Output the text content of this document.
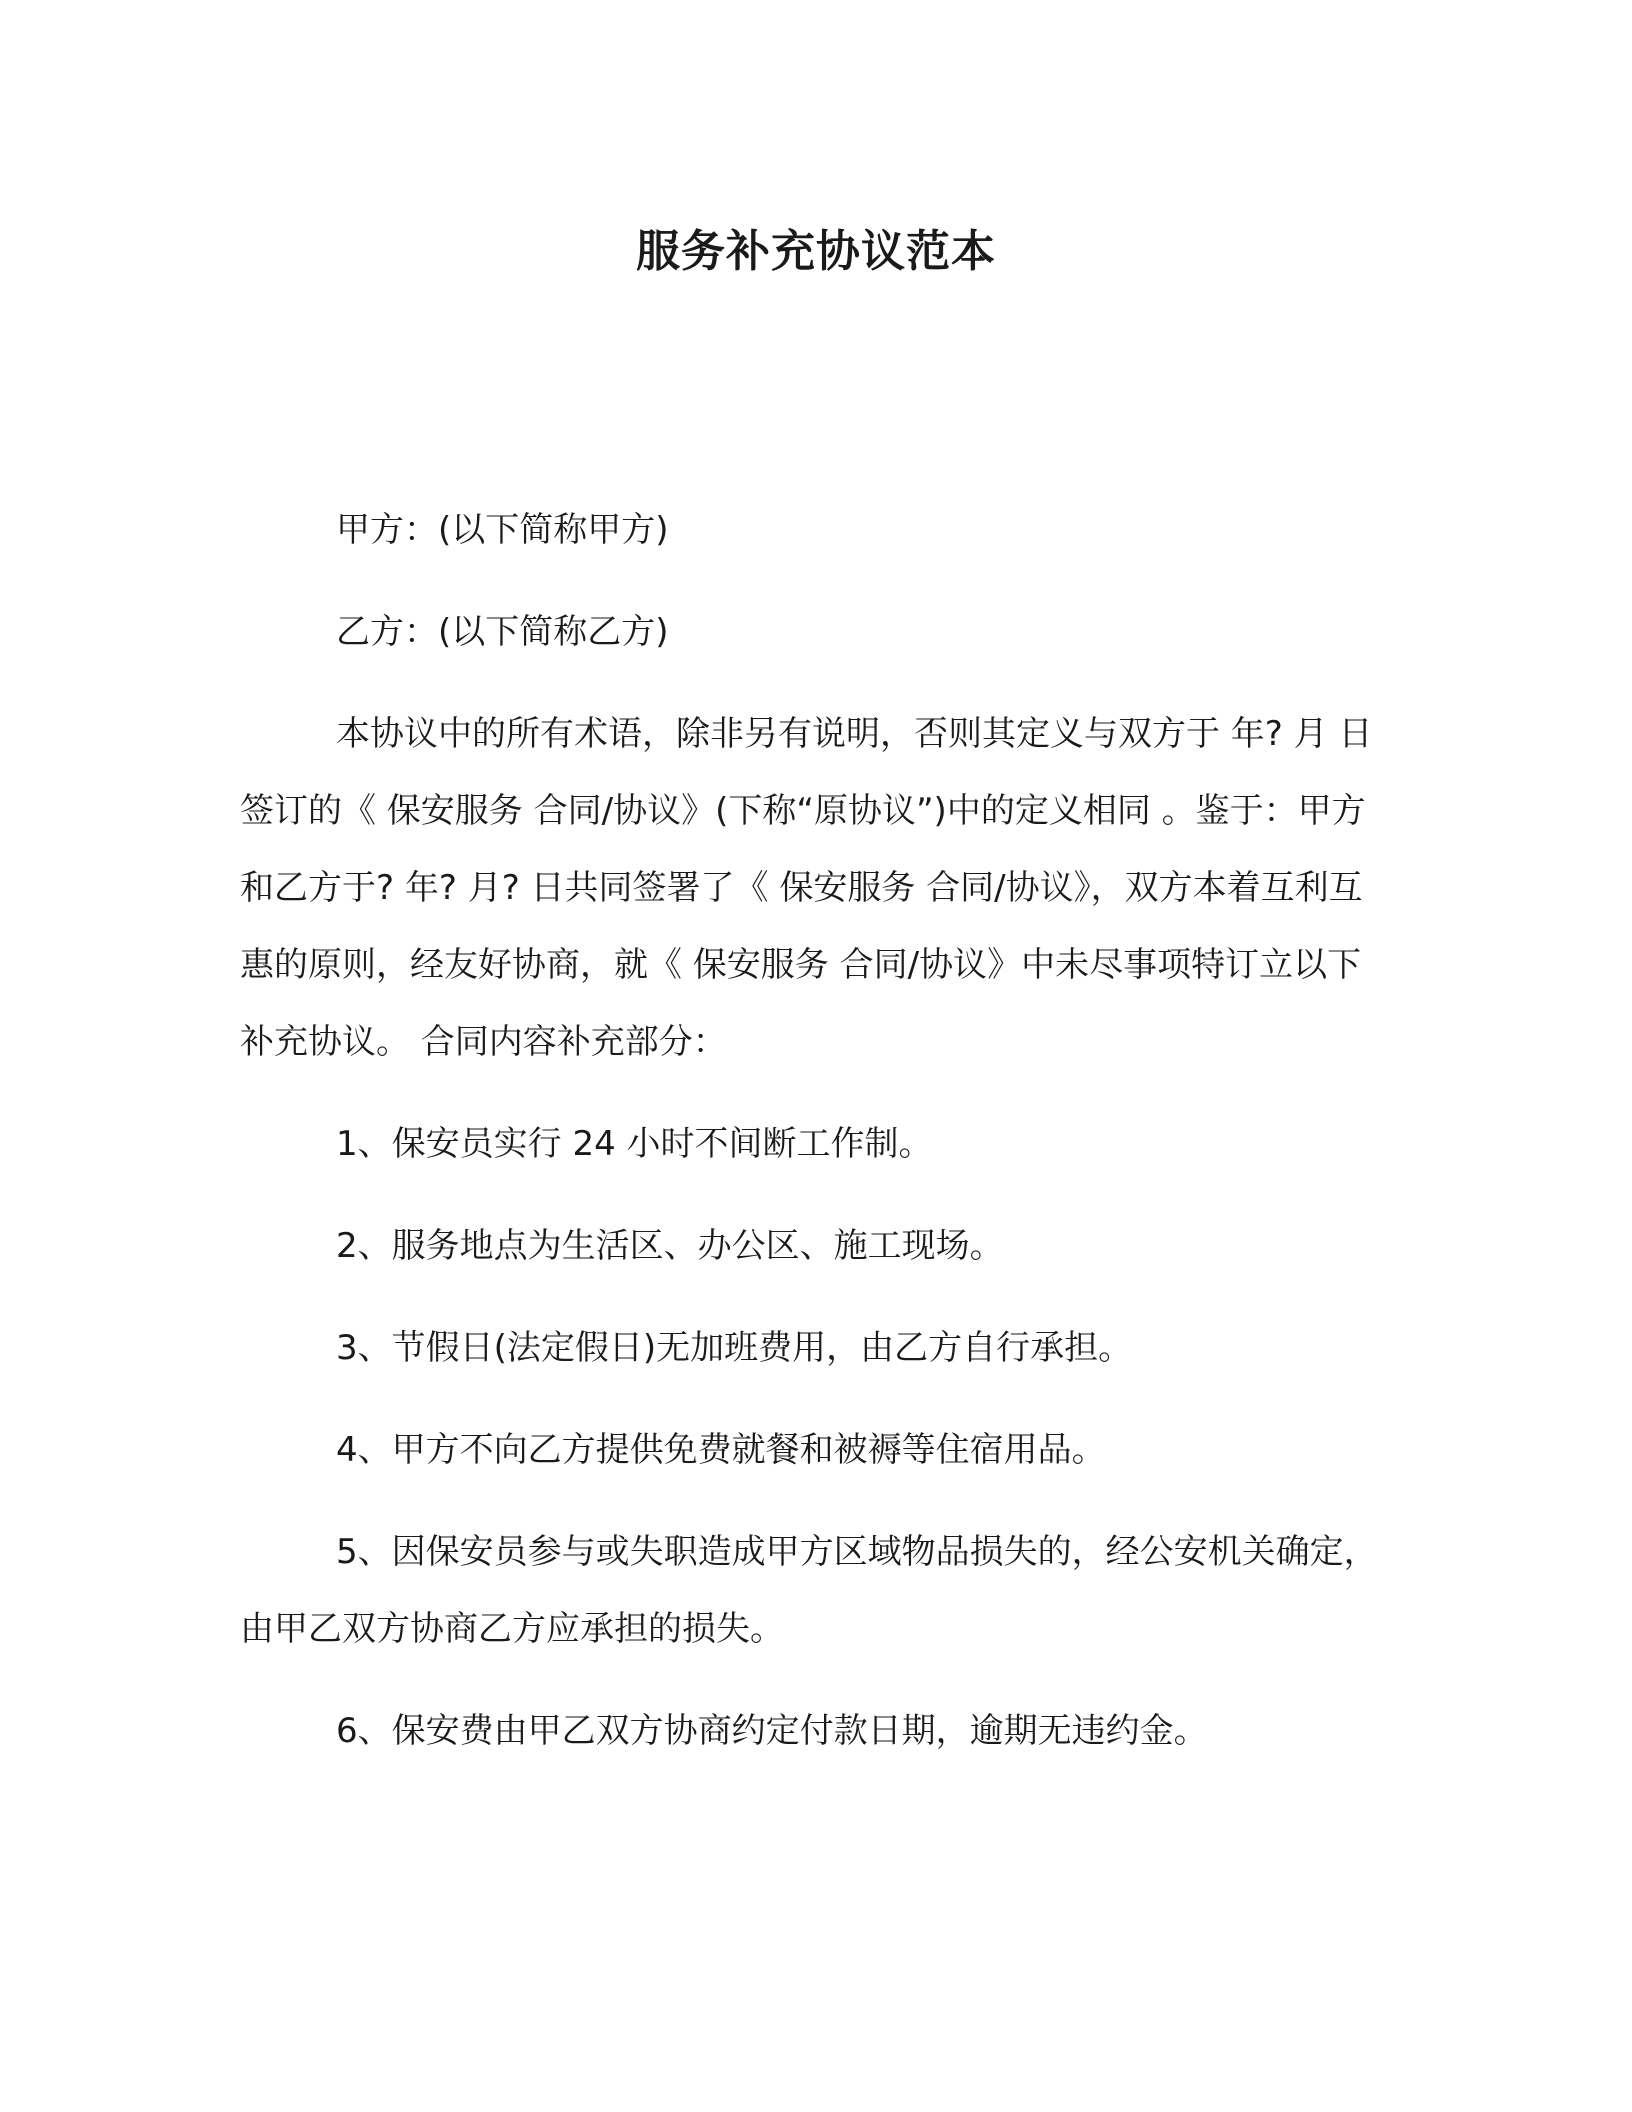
服务补充协议范本

甲方：(以下简称甲方)

乙方：(以下简称乙方)

本协议中的所有术语，除非另有说明，否则其定义与双方于 年? 月 日签订的《 保安服务 合同/协议》(下称“原协议”)中的定义相同 。鉴于：甲方和乙方于? 年? 月? 日共同签署了《 保安服务 合同/协议》，双方本着互利互惠的原则，经友好协商，就《 保安服务 合同/协议》中未尽事项特订立以下补充协议。 合同内容补充部分：

1、保安员实行 24 小时不间断工作制。

2、服务地点为生活区、办公区、施工现场。

3、节假日(法定假日)无加班费用，由乙方自行承担。

4、甲方不向乙方提供免费就餐和被褥等住宿用品。

5、因保安员参与或失职造成甲方区域物品损失的，经公安机关确定，由甲乙双方协商乙方应承担的损失。

6、保安费由甲乙双方协商约定付款日期，逾期无违约金。
